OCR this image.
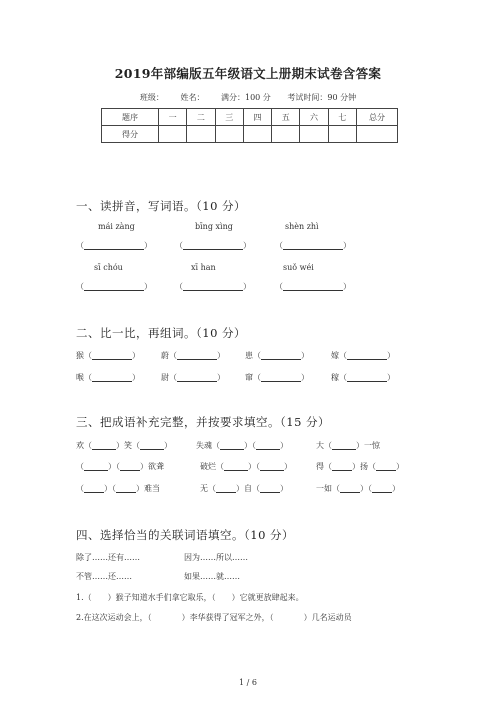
2019年部编版五年级语文上册期末试卷含答案
班级： 姓名： 满分：100 分 考试时间：90 分钟
题序	一	二	三	四	五	六	七	总分
得分								
一、读拼音，写词语。（10 分）
mái zàng	bīng xìng	shèn zhì
（	）	（	）	（	）
sī chóu	xī han	suǒ wéi
（	）	（	）	（	）
二、比一比，再组词。（10 分）
猴（	）	蔚（	）	患（	）	嫁（	）
喉（	）	尉（	）	窜（	）	稼（	）
三、把成语补充完整，并按要求填空。（15 分）
欢（	）笑（	）	失魂（	）（	）	大（	）一惊
（	）（	）欲聋	破烂（	）（	）	得（	）扬（	）
（	）（	）难当	无（	）自（	）	一如（	）（	）
四、选择恰当的关联词语填空。（10 分）
除了……还有……	因为……所以……
不管……还……	如果……就……
1.（ ）猴子知道水手们拿它取乐，（ ）它就更放肆起来。
2.在这次运动会上，（	）李华获得了冠军之外，（	）几名运动员
1 / 6
